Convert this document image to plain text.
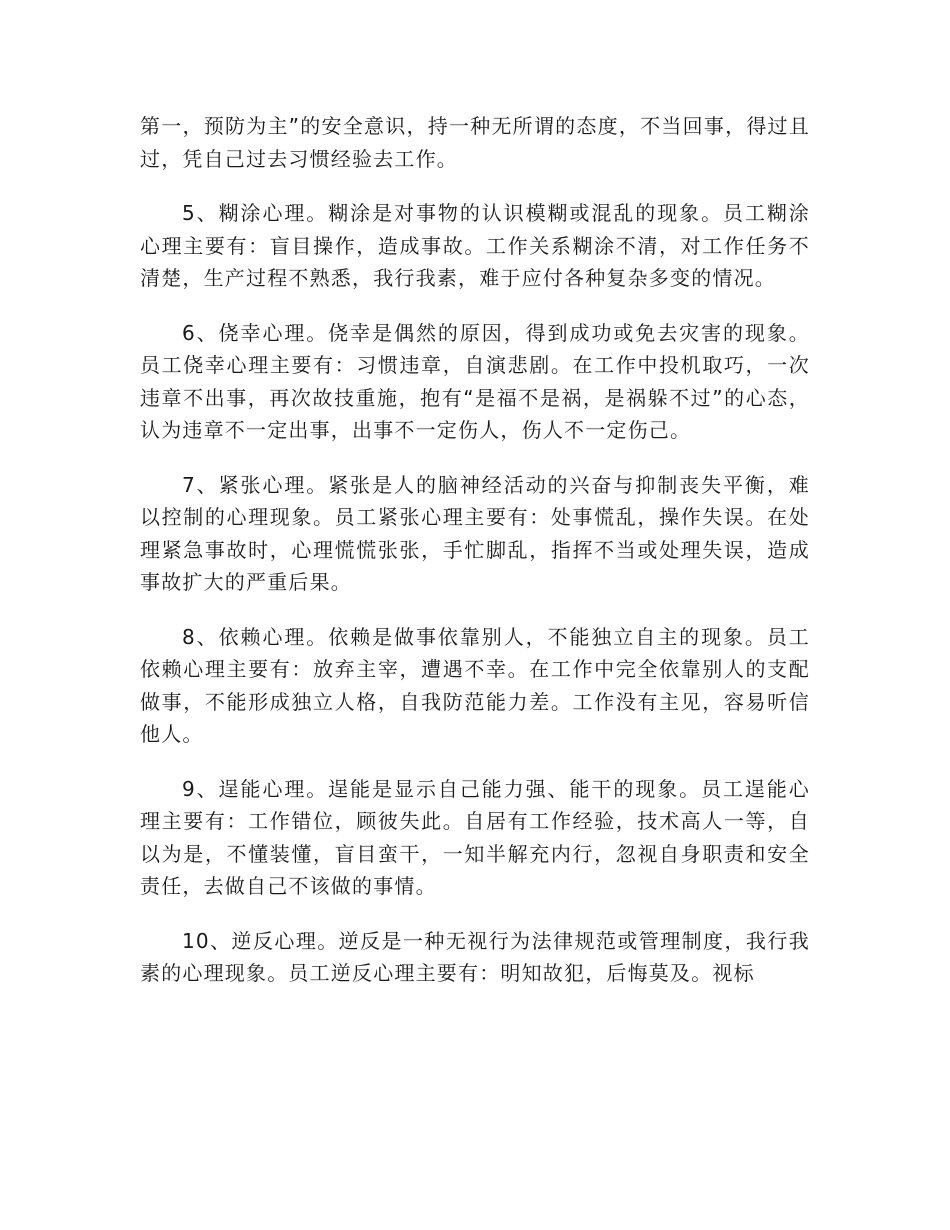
第一，预防为主”的安全意识，持一种无所谓的态度，不当回事，得过且过，凭自己过去习惯经验去工作。

5、糊涂心理。糊涂是对事物的认识模糊或混乱的现象。员工糊涂心理主要有：盲目操作，造成事故。工作关系糊涂不清，对工作任务不清楚，生产过程不熟悉，我行我素，难于应付各种复杂多变的情况。

6、侥幸心理。侥幸是偶然的原因，得到成功或免去灾害的现象。员工侥幸心理主要有：习惯违章，自演悲剧。在工作中投机取巧，一次违章不出事，再次故技重施，抱有“是福不是祸，是祸躲不过”的心态，认为违章不一定出事，出事不一定伤人，伤人不一定伤己。

7、紧张心理。紧张是人的脑神经活动的兴奋与抑制丧失平衡，难以控制的心理现象。员工紧张心理主要有：处事慌乱，操作失误。在处理紧急事故时，心理慌慌张张，手忙脚乱，指挥不当或处理失误，造成事故扩大的严重后果。

8、依赖心理。依赖是做事依靠别人，不能独立自主的现象。员工依赖心理主要有：放弃主宰，遭遇不幸。在工作中完全依靠别人的支配做事，不能形成独立人格，自我防范能力差。工作没有主见，容易听信他人。

9、逞能心理。逞能是显示自己能力强、能干的现象。员工逞能心理主要有：工作错位，顾彼失此。自居有工作经验，技术高人一等，自以为是，不懂装懂，盲目蛮干，一知半解充内行，忽视自身职责和安全责任，去做自己不该做的事情。

10、逆反心理。逆反是一种无视行为法律规范或管理制度，我行我素的心理现象。员工逆反心理主要有：明知故犯，后悔莫及。视标
